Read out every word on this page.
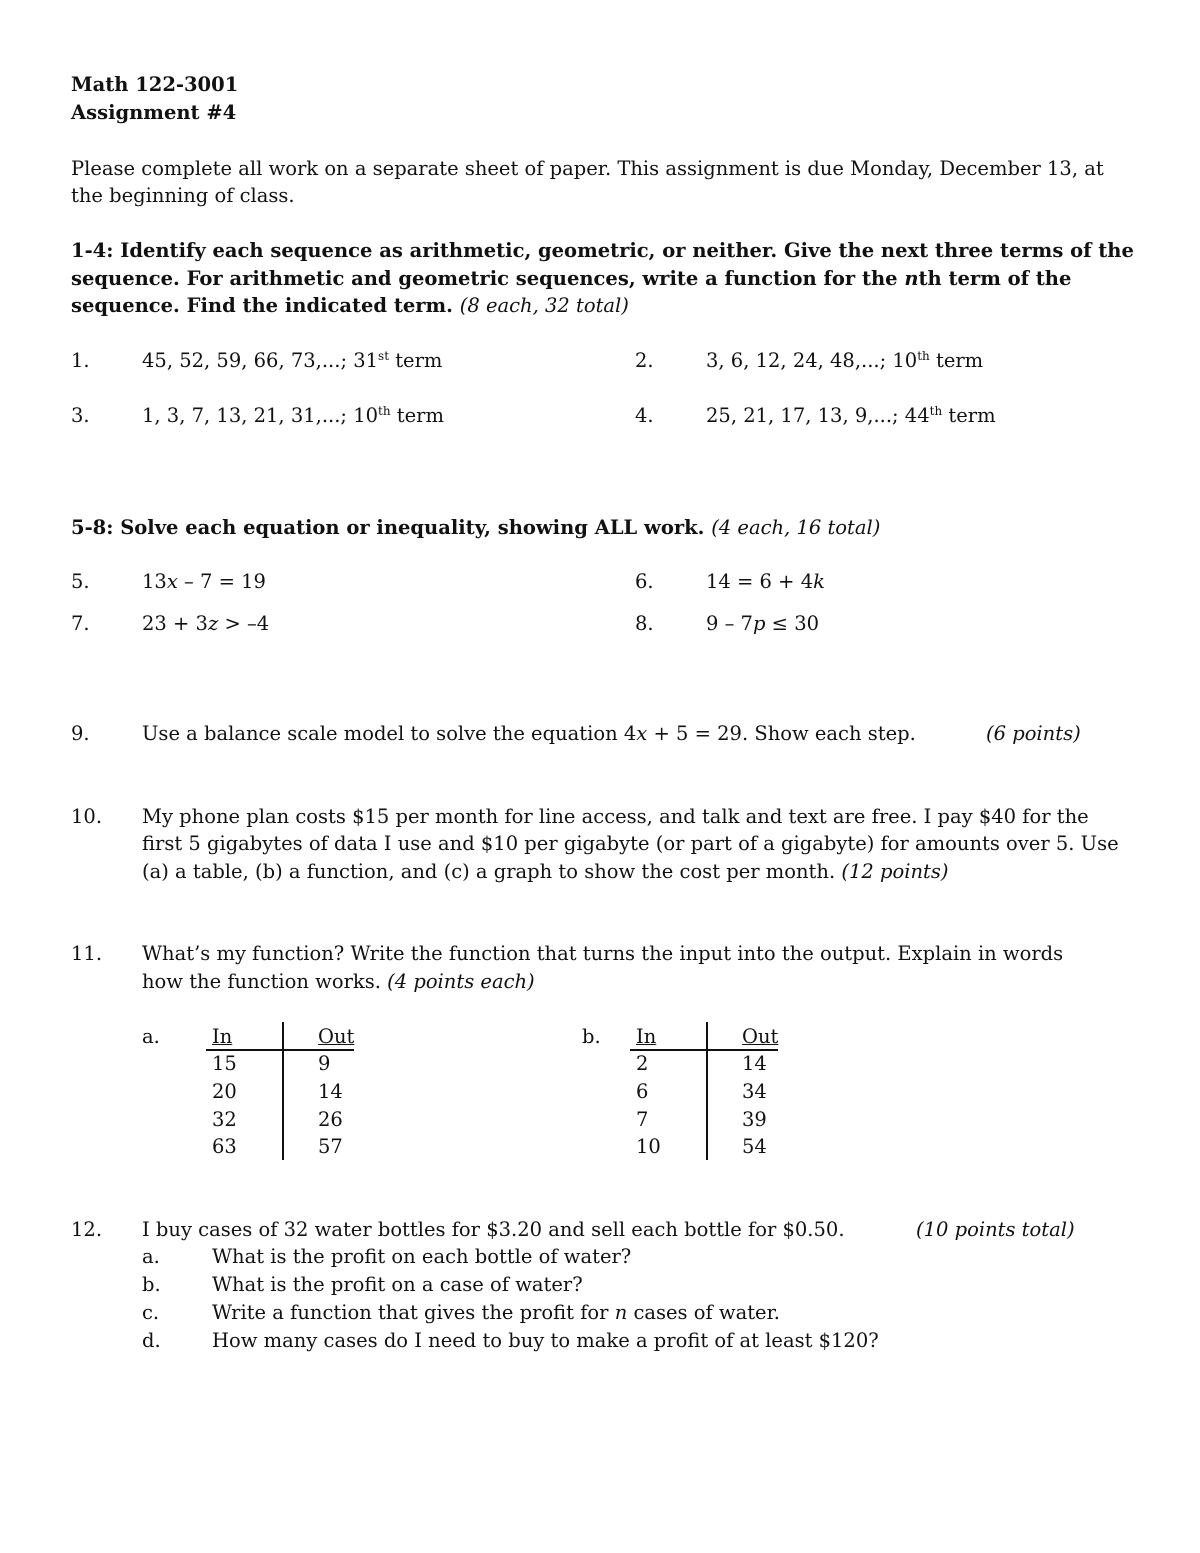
Math 122-3001
Assignment #4
Please complete all work on a separate sheet of paper. This assignment is due Monday, December 13, at
the beginning of class.
1-4: Identify each sequence as arithmetic, geometric, or neither. Give the next three terms of the
sequence. For arithmetic and geometric sequences, write a function for the nth term of the
sequence. Find the indicated term. (8 each, 32 total)
1.	45, 52, 59, 66, 73,...; 31st term	2.	3, 6, 12, 24, 48,...; 10th term
3.	1, 3, 7, 13, 21, 31,...; 10th term	4.	25, 21, 17, 13, 9,...; 44th term
5-8: Solve each equation or inequality, showing ALL work. (4 each, 16 total)
5.	13x – 7 = 19	6.	14 = 6 + 4k
7.	23 + 3z > –4	8.	9 – 7p ≤ 30
9.	Use a balance scale model to solve the equation 4x + 5 = 29. Show each step.	(6 points)
10. My phone plan costs $15 per month for line access, and talk and text are free. I pay $40 for the
first 5 gigabytes of data I use and $10 per gigabyte (or part of a gigabyte) for amounts over 5. Use
(a) a table, (b) a function, and (c) a graph to show the cost per month. (12 points)
11. What’s my function? Write the function that turns the input into the output. Explain in words
how the function works. (4 points each)
a.	In	Out
15	9
20	14
32	26
63	57
b. In	Out
2	14
6	34
7	39
10	54
12. I buy cases of 32 water bottles for $3.20 and sell each bottle for $0.50.	(10 points total)
a.	What is the profit on each bottle of water?
b.	What is the profit on a case of water?
c.	Write a function that gives the profit for n cases of water.
d.	How many cases do I need to buy to make a profit of at least $120?
